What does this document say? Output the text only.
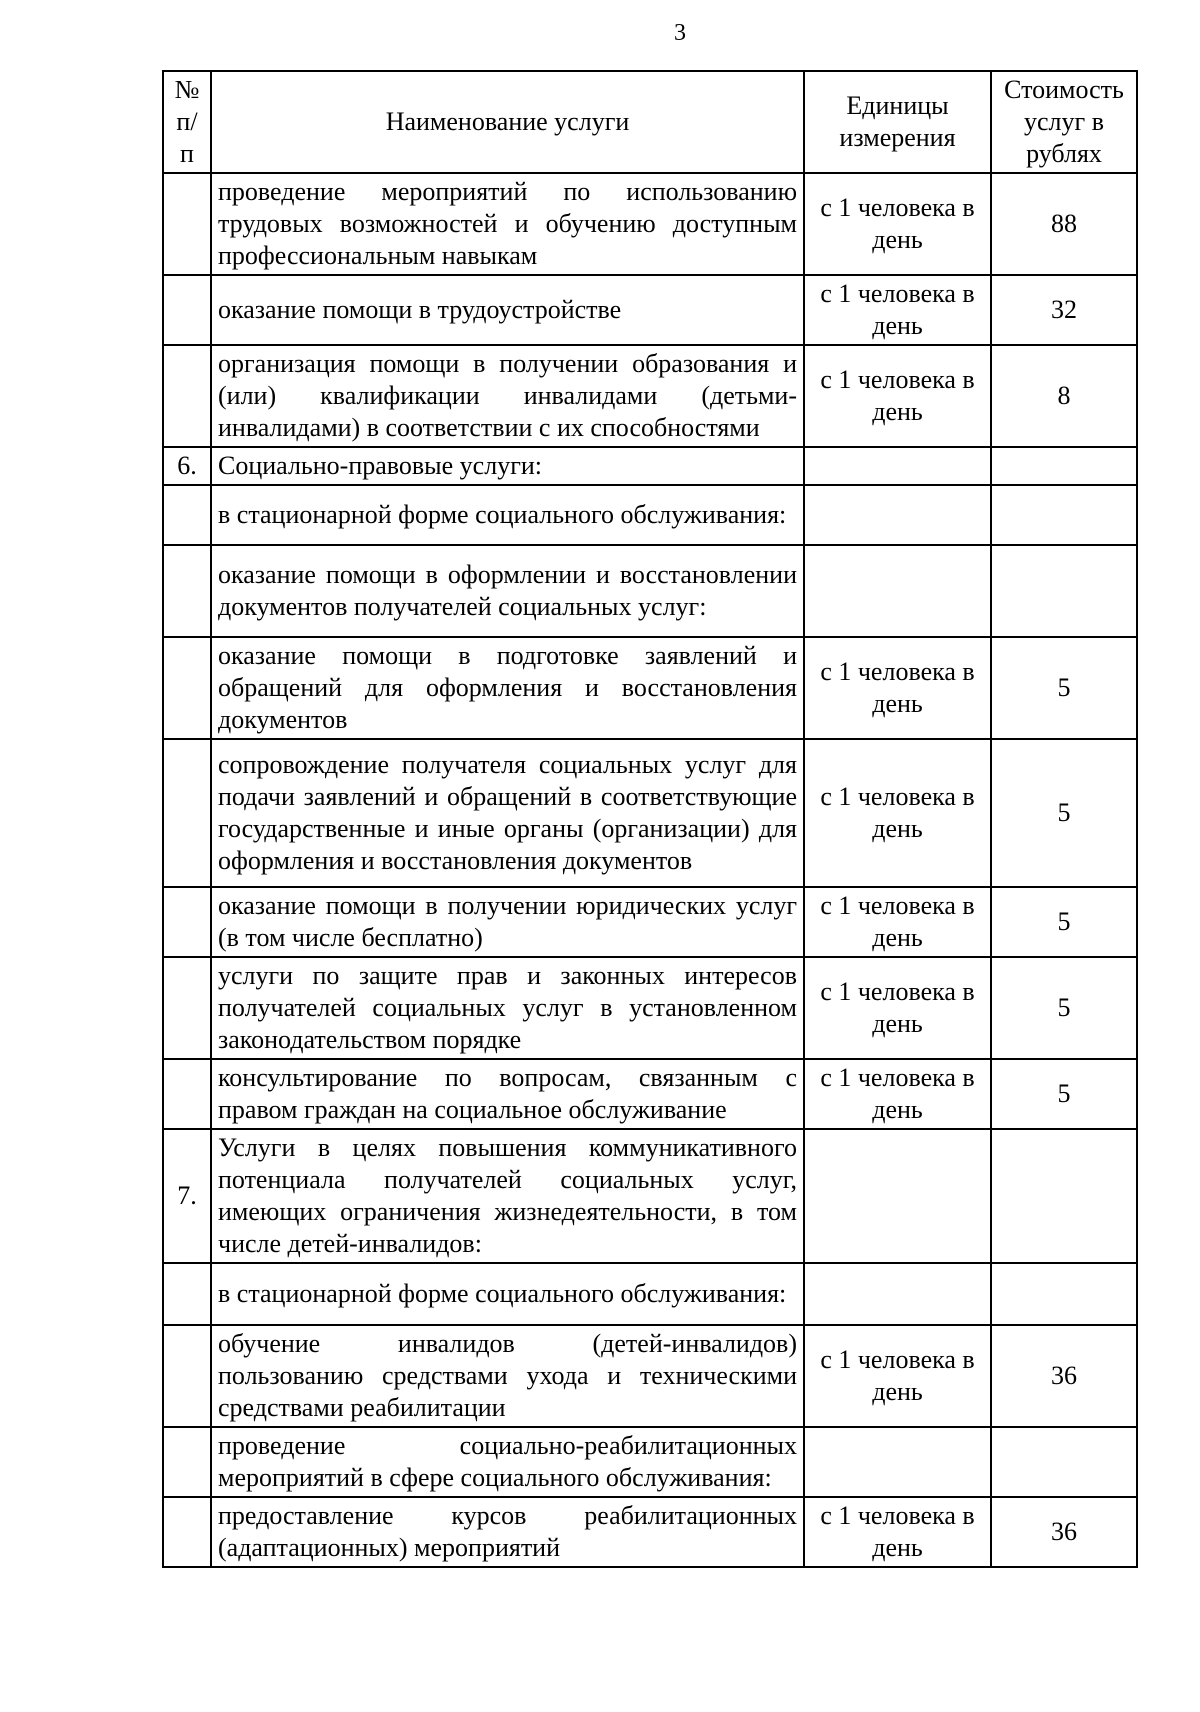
3
№ п/п	Наименование услуги	Единицы измерения	Стоимость услуг в рублях
	проведение мероприятий по использованию трудовых возможностей и обучению доступным профессиональным навыкам	с 1 человека в день	88
	оказание помощи в трудоустройстве	с 1 человека в день	32
	организация помощи в получении образования и (или) квалификации инвалидами (детьми-инвалидами) в соответствии с их способностями	с 1 человека в день	8
6.	Социально-правовые услуги:		
	в стационарной форме социального обслуживания:		
	оказание помощи в оформлении и восстановлении документов получателей социальных услуг:		
	оказание помощи в подготовке заявлений и обращений для оформления и восстановления документов	с 1 человека в день	5
	сопровождение получателя социальных услуг для подачи заявлений и обращений в соответствующие государственные и иные органы (организации) для оформления и восстановления документов	с 1 человека в день	5
	оказание помощи в получении юридических услуг (в том числе бесплатно)	с 1 человека в день	5
	услуги по защите прав и законных интересов получателей социальных услуг в установленном законодательством порядке	с 1 человека в день	5
	консультирование по вопросам, связанным с правом граждан на социальное обслуживание	с 1 человека в день	5
7.	Услуги в целях повышения коммуникативного потенциала получателей социальных услуг, имеющих ограничения жизнедеятельности, в том числе детей-инвалидов:		
	в стационарной форме социального обслуживания:		
	обучение инвалидов (детей-инвалидов) пользованию средствами ухода и техническими средствами реабилитации	с 1 человека в день	36
	проведение социально-реабилитационных мероприятий в сфере социального обслуживания:		
	предоставление курсов реабилитационных (адаптационных) мероприятий	с 1 человека в день	36
